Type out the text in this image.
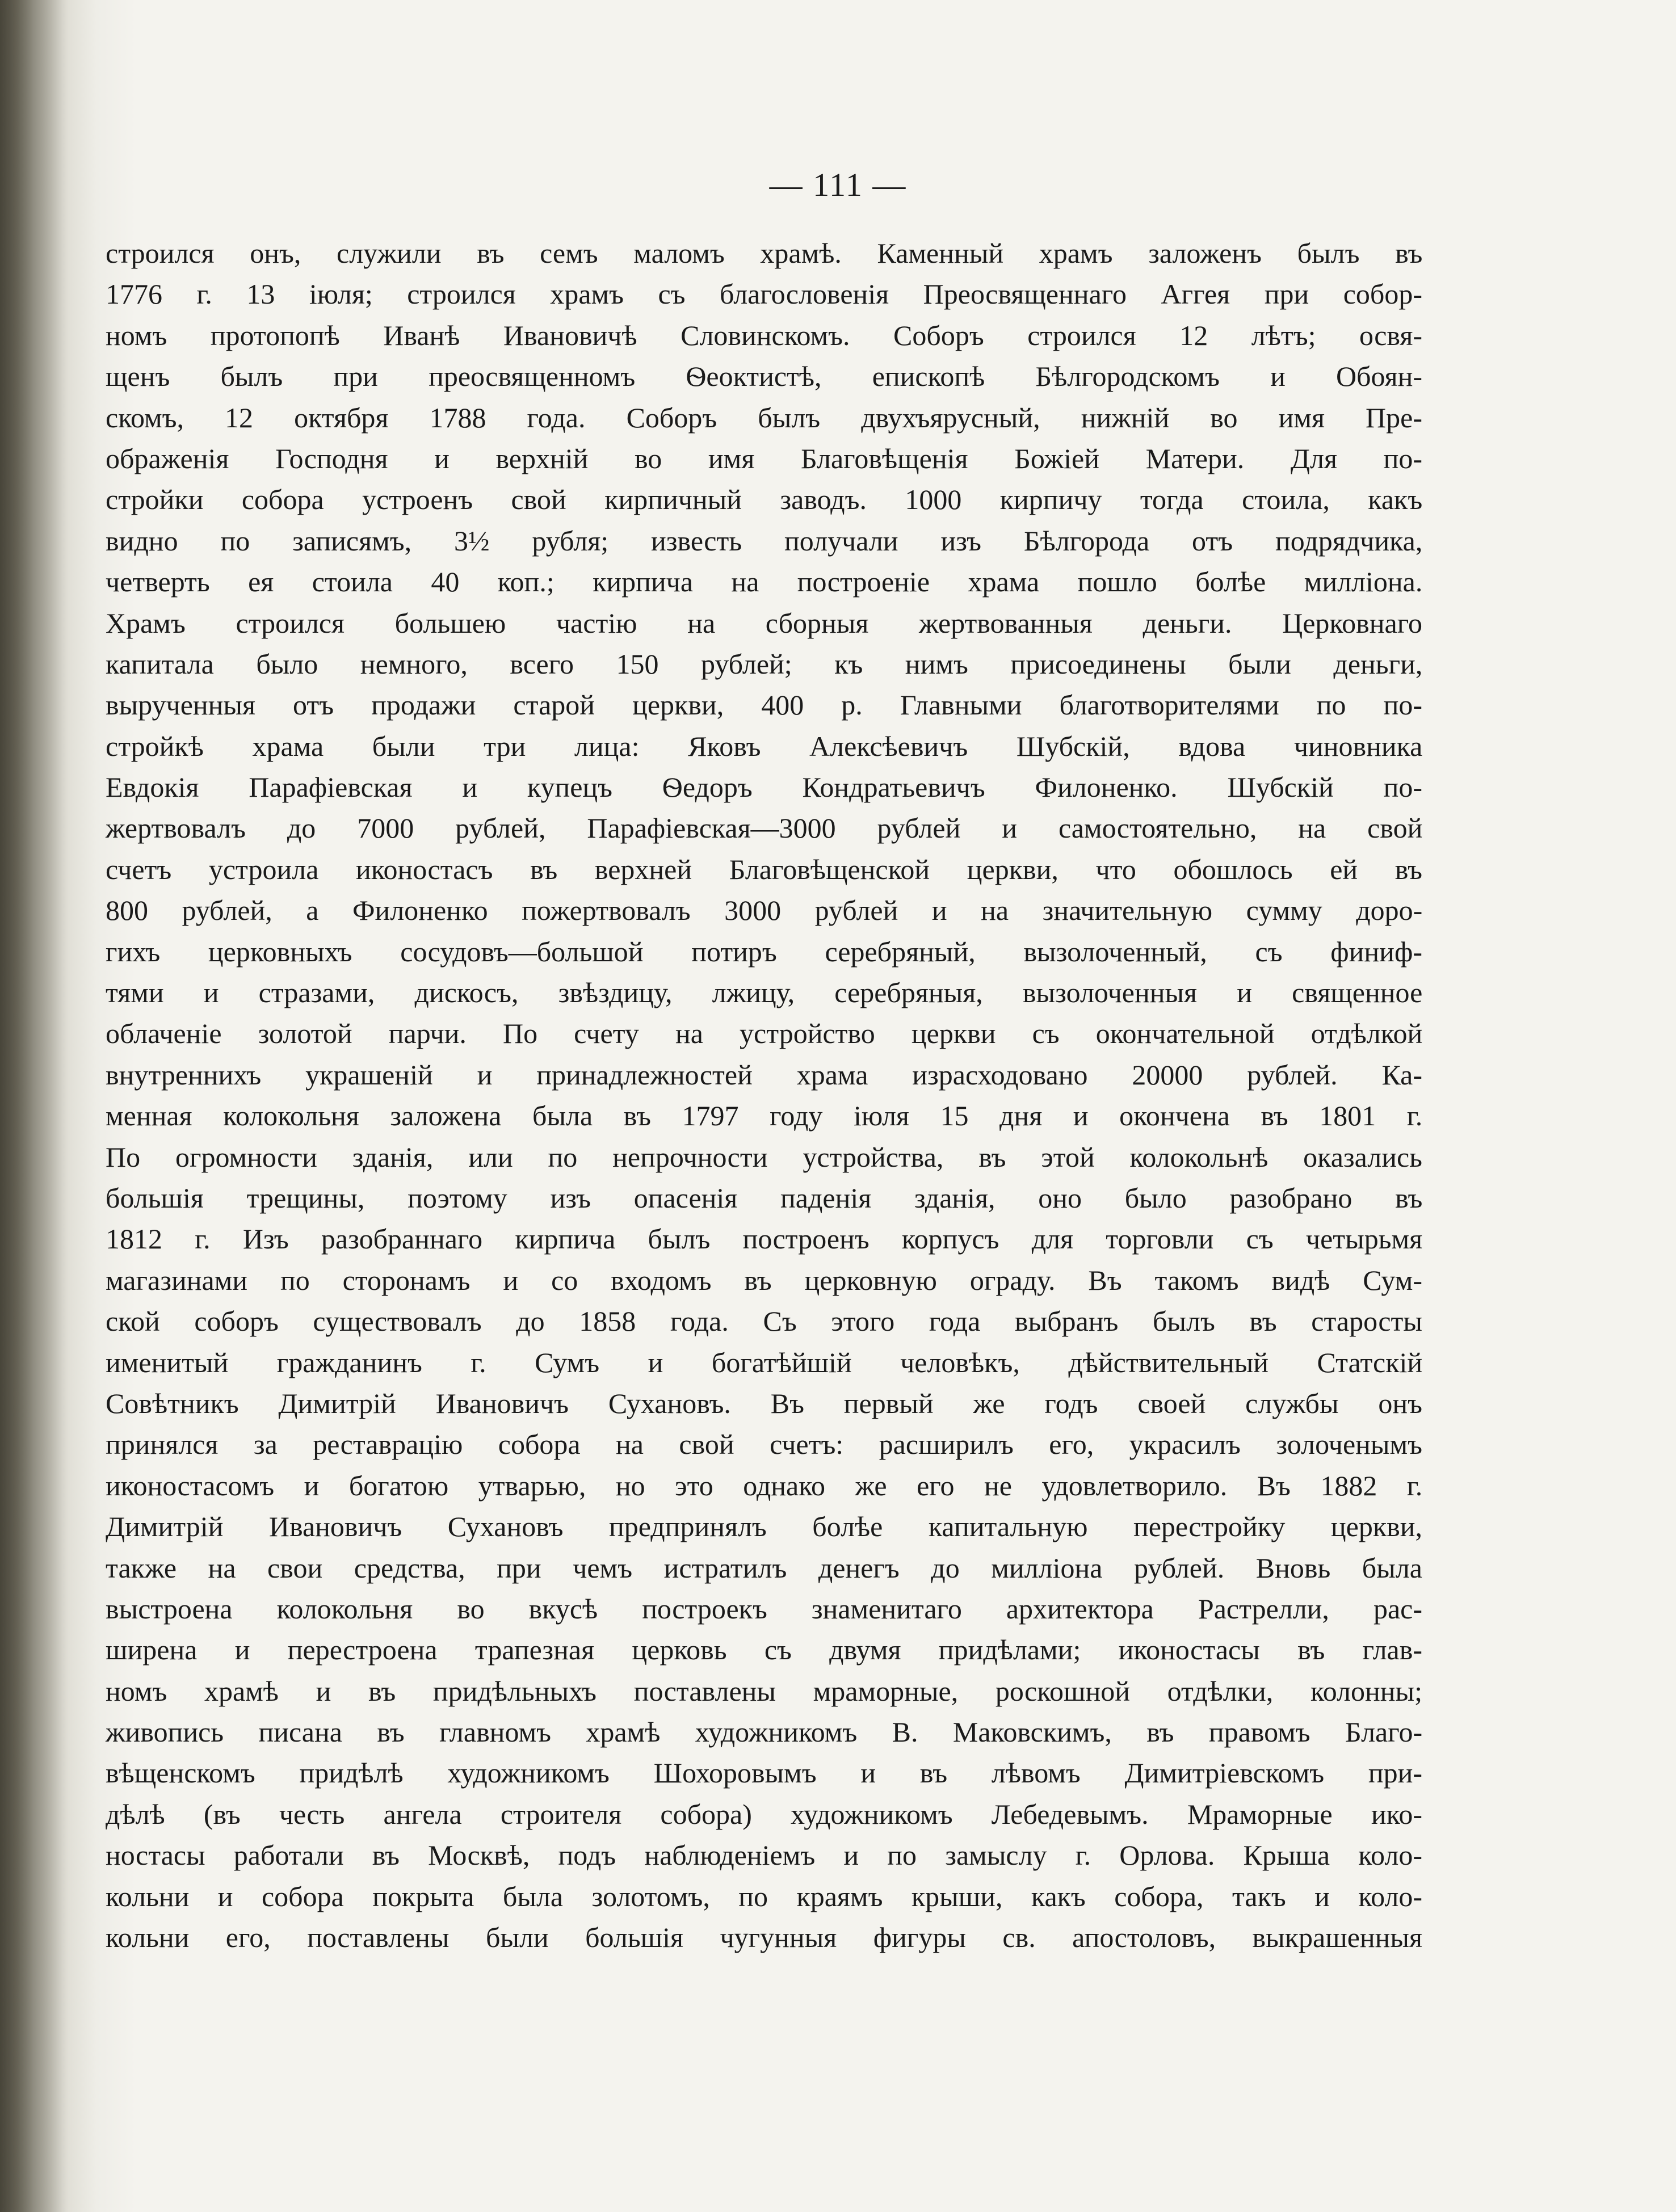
— 111 —
строился онъ, служили въ семъ маломъ храмѣ. Каменный храмъ заложенъ былъ въ
1776 г. 13 іюля; строился храмъ съ благословенія Преосвященнаго Аггея при собор-
номъ протопопѣ Иванѣ Ивановичѣ Словинскомъ. Соборъ строился 12 лѣтъ; освя-
щенъ былъ при преосвященномъ Ѳеоктистѣ, епископѣ Бѣлгородскомъ и Обоян-
скомъ, 12 октября 1788 года. Соборъ былъ двухъярусный, нижній во имя Пре-
ображенія Господня и верхній во имя Благовѣщенія Божіей Матери. Для по-
стройки собора устроенъ свой кирпичный заводъ. 1000 кирпичу тогда стоила, какъ
видно по записямъ, 3½ рубля; известь получали изъ Бѣлгорода отъ подрядчика,
четверть ея стоила 40 коп.; кирпича на построеніе храма пошло болѣе милліона.
Храмъ строился большею частію на сборныя жертвованныя деньги. Церковнаго
капитала было немного, всего 150 рублей; къ нимъ присоединены были деньги,
вырученныя отъ продажи старой церкви, 400 р. Главными благотворителями по по-
стройкѣ храма были три лица: Яковъ Алексѣевичъ Шубскій, вдова чиновника
Евдокія Парафіевская и купецъ Ѳедоръ Кондратьевичъ Филоненко. Шубскій по-
жертвовалъ до 7000 рублей, Парафіевская—3000 рублей и самостоятельно, на свой
счетъ устроила иконостасъ въ верхней Благовѣщенской церкви, что обошлось ей въ
800 рублей, а Филоненко пожертвовалъ 3000 рублей и на значительную сумму доро-
гихъ церковныхъ сосудовъ—большой потиръ серебряный, вызолоченный, съ финиф-
тями и стразами, дискосъ, звѣздицу, лжицу, серебряныя, вызолоченныя и священное
облаченіе золотой парчи. По счету на устройство церкви съ окончательной отдѣлкой
внутреннихъ украшеній и принадлежностей храма израсходовано 20000 рублей. Ка-
менная колокольня заложена была въ 1797 году іюля 15 дня и окончена въ 1801 г.
По огромности зданія, или по непрочности устройства, въ этой колокольнѣ оказались
большія трещины, поэтому изъ опасенія паденія зданія, оно было разобрано въ
1812 г. Изъ разобраннаго кирпича былъ построенъ корпусъ для торговли съ четырьмя
магазинами по сторонамъ и со входомъ въ церковную ограду. Въ такомъ видѣ Сум-
ской соборъ существовалъ до 1858 года. Съ этого года выбранъ былъ въ старосты
именитый гражданинъ г. Сумъ и богатѣйшій человѣкъ, дѣйствительный Статскій
Совѣтникъ Димитрій Ивановичъ Сухановъ. Въ первый же годъ своей службы онъ
принялся за реставрацію собора на свой счетъ: расширилъ его, украсилъ золоченымъ
иконостасомъ и богатою утварью, но это однако же его не удовлетворило. Въ 1882 г.
Димитрій Ивановичъ Сухановъ предпринялъ болѣе капитальную перестройку церкви,
также на свои средства, при чемъ истратилъ денегъ до милліона рублей. Вновь была
выстроена колокольня во вкусѣ построекъ знаменитаго архитектора Растрелли, рас-
ширена и перестроена трапезная церковь съ двумя придѣлами; иконостасы въ глав-
номъ храмѣ и въ придѣльныхъ поставлены мраморные, роскошной отдѣлки, колонны;
живопись писана въ главномъ храмѣ художникомъ В. Маковскимъ, въ правомъ Благо-
вѣщенскомъ придѣлѣ художникомъ Шохоровымъ и въ лѣвомъ Димитріевскомъ при-
дѣлѣ (въ честь ангела строителя собора) художникомъ Лебедевымъ. Мраморные ико-
ностасы работали въ Москвѣ, подъ наблюденіемъ и по замыслу г. Орлова. Крыша коло-
кольни и собора покрыта была золотомъ, по краямъ крыши, какъ собора, такъ и коло-
кольни его, поставлены были большія чугунныя фигуры св. апостоловъ, выкрашенныя
